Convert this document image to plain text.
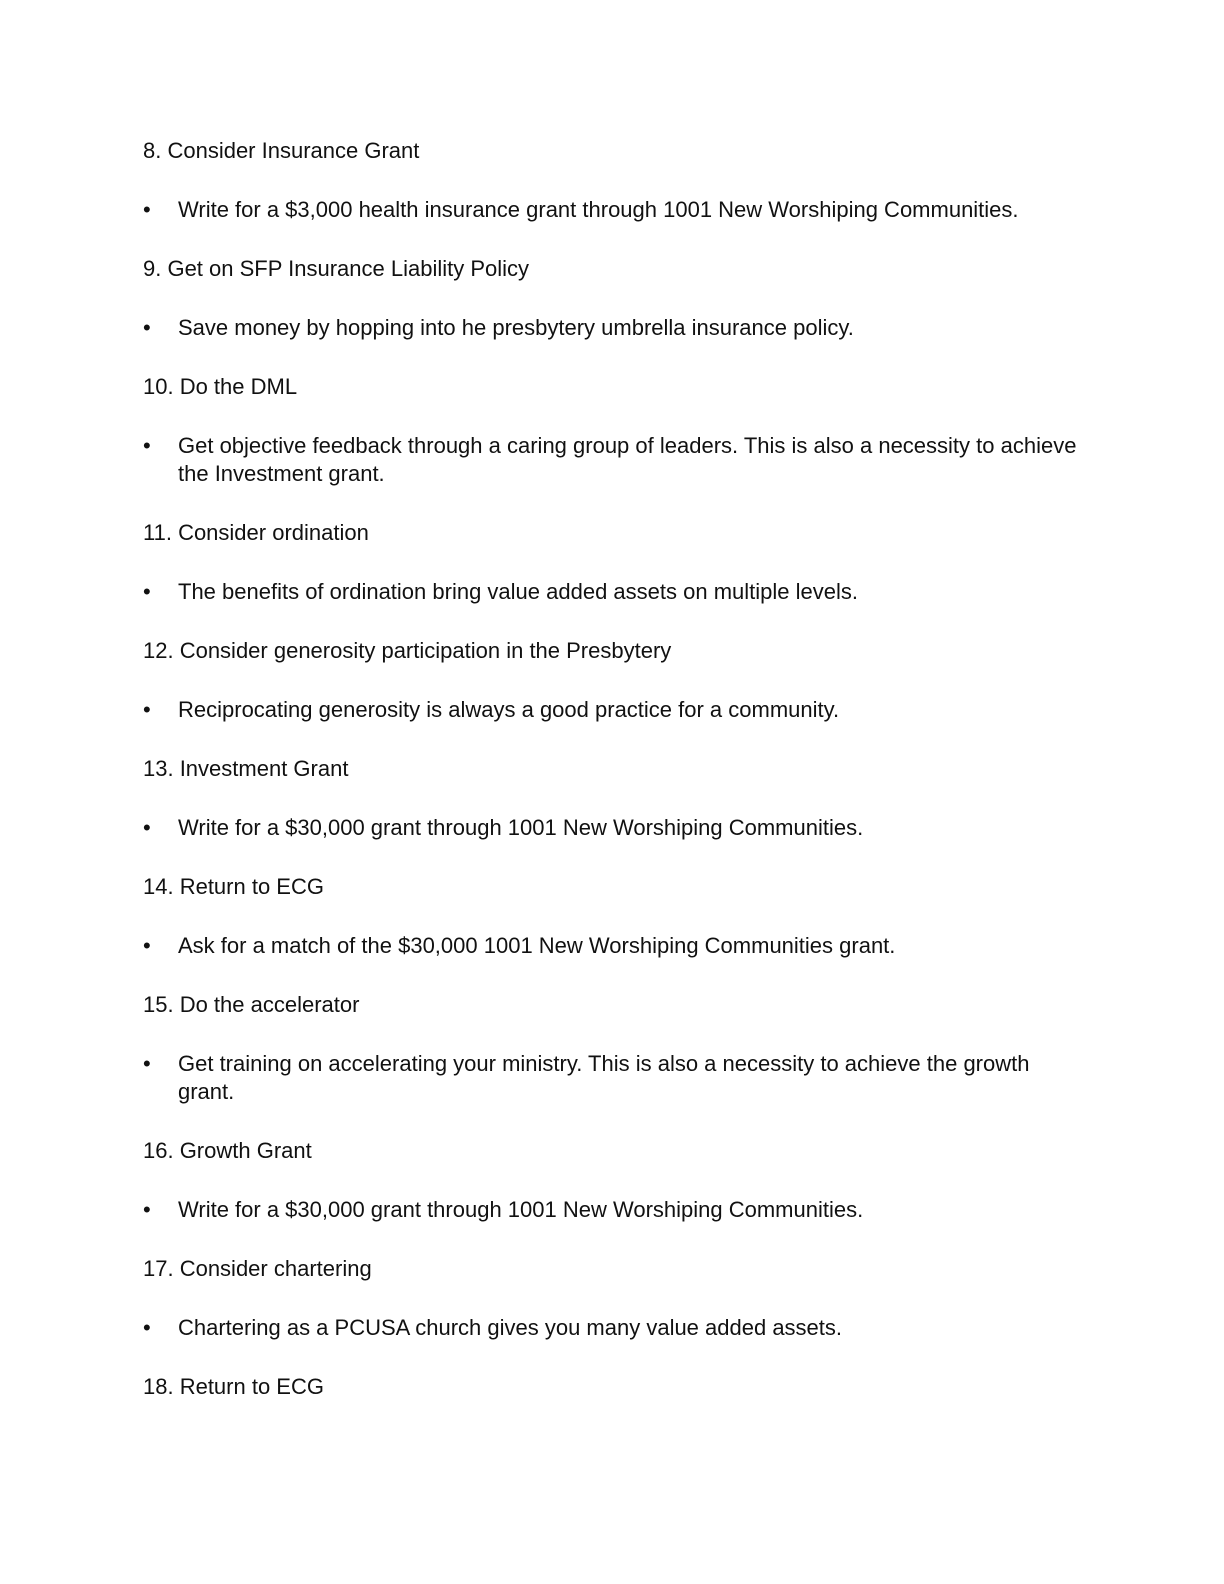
8. Consider Insurance Grant

•	Write for a $3,000 health insurance grant through 1001 New Worshiping Communities.

9. Get on SFP Insurance Liability Policy

•	Save money by hopping into he presbytery umbrella insurance policy.

10. Do the DML

•	Get objective feedback through a caring group of leaders. This is also a necessity to achieve the Investment grant.

11. Consider ordination

•	The benefits of ordination bring value added assets on multiple levels.

12. Consider generosity participation in the Presbytery

•	Reciprocating generosity is always a good practice for a community.

13. Investment Grant

•	Write for a $30,000 grant through 1001 New Worshiping Communities.

14. Return to ECG

•	Ask for a match of the $30,000 1001 New Worshiping Communities grant.

15. Do the accelerator

•	Get training on accelerating your ministry. This is also a necessity to achieve the growth grant.

16. Growth Grant

•	Write for a $30,000 grant through 1001 New Worshiping Communities.

17. Consider chartering

•	Chartering as a PCUSA church gives you many value added assets.

18. Return to ECG
